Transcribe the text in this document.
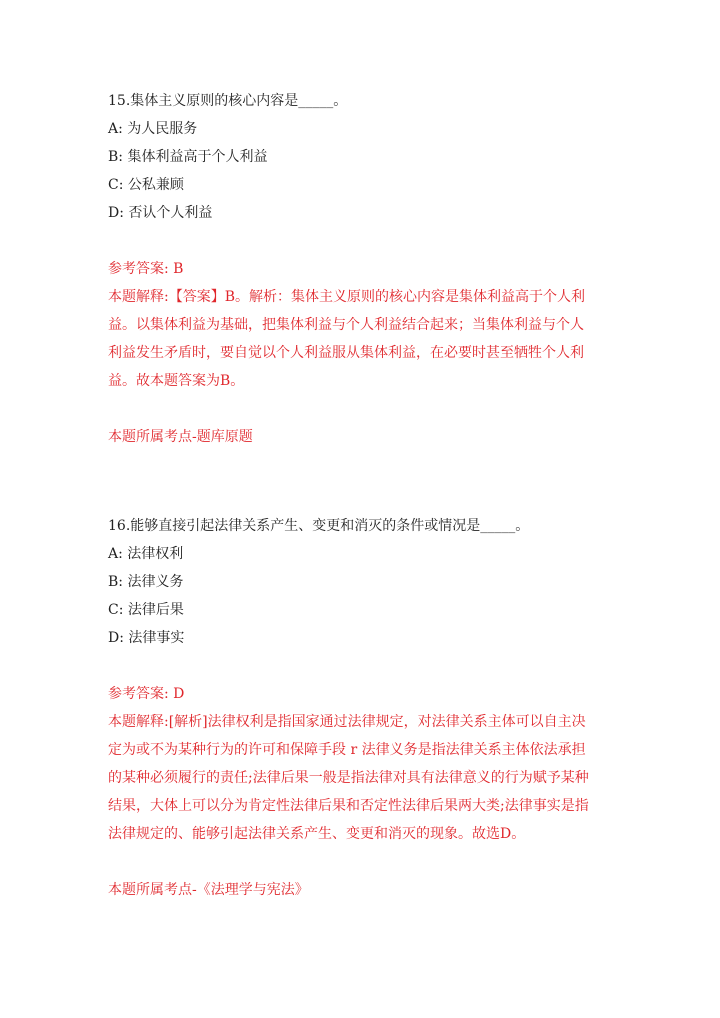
15.集体主义原则的核心内容是_____。
A: 为人民服务
B: 集体利益高于个人利益
C: 公私兼顾
D: 否认个人利益
参考答案: B
本题解释:【答案】B。解析：集体主义原则的核心内容是集体利益高于个人利
益。以集体利益为基础，把集体利益与个人利益结合起来；当集体利益与个人
利益发生矛盾时，要自觉以个人利益服从集体利益，在必要时甚至牺牲个人利
益。故本题答案为B。
本题所属考点-题库原题
16.能够直接引起法律关系产生、变更和消灭的条件或情况是_____。
A: 法律权利
B: 法律义务
C: 法律后果
D: 法律事实
参考答案: D
本题解释:[解析]法律权利是指国家通过法律规定，对法律关系主体可以自主决
定为或不为某种行为的许可和保障手段 r 法律义务是指法律关系主体依法承担
的某种必须履行的责任;法律后果一般是指法律对具有法律意义的行为赋予某种
结果，大体上可以分为肯定性法律后果和否定性法律后果两大类;法律事实是指
法律规定的、能够引起法律关系产生、变更和消灭的现象。故选D。
本题所属考点-《法理学与宪法》
